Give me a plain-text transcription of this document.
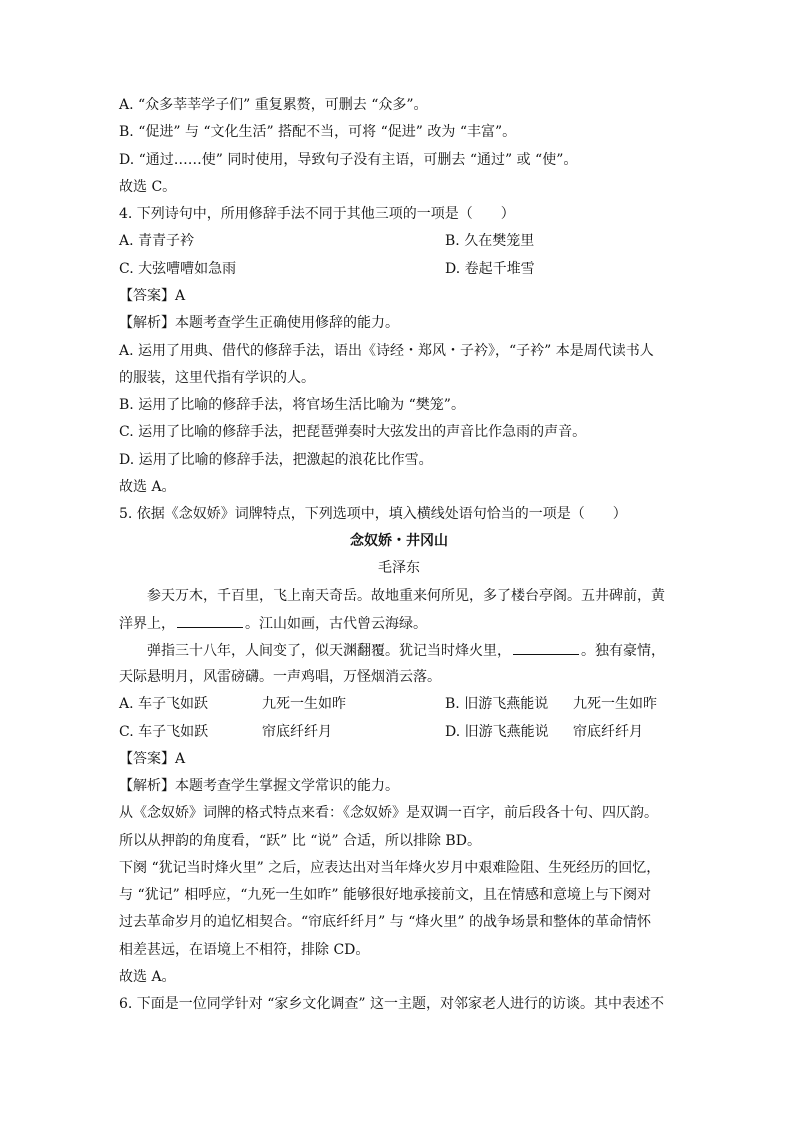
A. “众多莘莘学子们” 重复累赘，可删去 “众多”。
B. “促进” 与 “文化生活” 搭配不当，可将 “促进” 改为 “丰富”。
D. “通过……使” 同时使用，导致句子没有主语，可删去 “通过” 或 “使”。
故选 C。
4. 下列诗句中，所用修辞手法不同于其他三项的一项是（　　）
A. 青青子衿	B. 久在樊笼里
C. 大弦嘈嘈如急雨	D. 卷起千堆雪
【答案】A
【解析】本题考查学生正确使用修辞的能力。
A. 运用了用典、借代的修辞手法，语出《诗经・郑风・子衿》，“子衿” 本是周代读书人
的服装，这里代指有学识的人。
B. 运用了比喻的修辞手法，将官场生活比喻为 “樊笼”。
C. 运用了比喻的修辞手法，把琵琶弹奏时大弦发出的声音比作急雨的声音。
D. 运用了比喻的修辞手法，把激起的浪花比作雪。
故选 A。
5. 依据《念奴娇》词牌特点，下列选项中，填入横线处语句恰当的一项是（　　）
念奴娇・井冈山
毛泽东
参天万木，千百里，飞上南天奇岳。故地重来何所见，多了楼台亭阁。五井碑前，黄
洋界上，	。江山如画，古代曾云海绿。
弹指三十八年，人间变了，似天渊翻覆。犹记当时烽火里，	。独有豪情，
天际悬明月，风雷磅礴。一声鸡唱，万怪烟消云落。
A. 车子飞如跃	九死一生如昨	B. 旧游飞燕能说 九死一生如昨
C. 车子飞如跃	帘底纤纤月	D. 旧游飞燕能说 帘底纤纤月
【答案】A
【解析】本题考查学生掌握文学常识的能力。
从《念奴娇》词牌的格式特点来看：《念奴娇》是双调一百字，前后段各十句、四仄韵。
所以从押韵的角度看，“跃” 比 “说” 合适，所以排除 BD。
下阕 “犹记当时烽火里” 之后，应表达出对当年烽火岁月中艰难险阻、生死经历的回忆，
与 “犹记” 相呼应，“九死一生如昨” 能够很好地承接前文，且在情感和意境上与下阕对
过去革命岁月的追忆相契合。“帘底纤纤月” 与 “烽火里” 的战争场景和整体的革命情怀
相差甚远，在语境上不相符，排除 CD。
故选 A。
6. 下面是一位同学针对 “家乡文化调查” 这一主题，对邻家老人进行的访谈。其中表述不
